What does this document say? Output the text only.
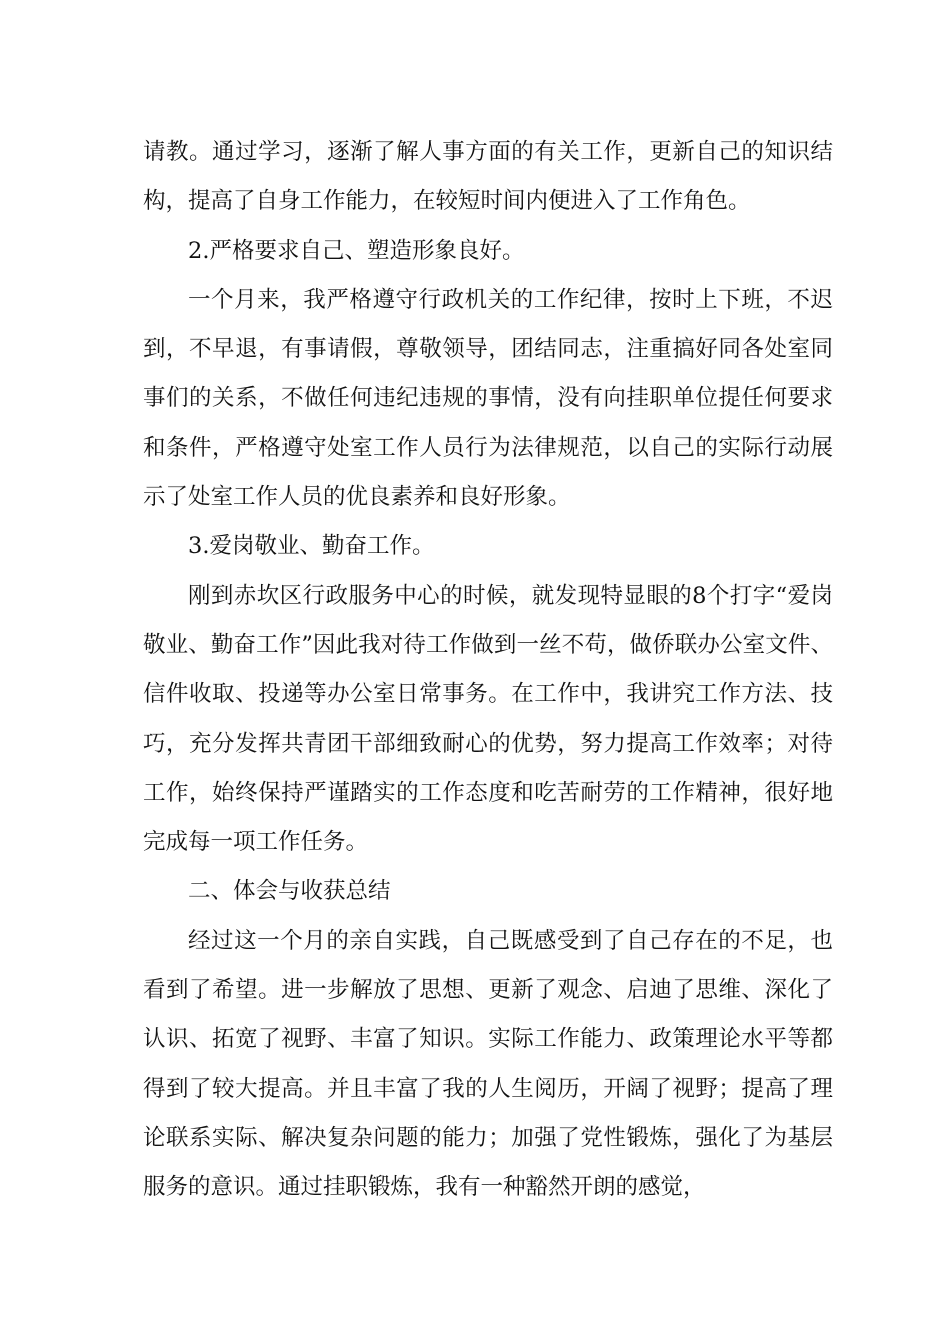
请教。通过学习，逐渐了解人事方面的有关工作，更新自己的知识结构，提高了自身工作能力，在较短时间内便进入了工作角色。

2.严格要求自己、塑造形象良好。

一个月来，我严格遵守行政机关的工作纪律，按时上下班，不迟到，不早退，有事请假，尊敬领导，团结同志，注重搞好同各处室同事们的关系，不做任何违纪违规的事情，没有向挂职单位提任何要求和条件，严格遵守处室工作人员行为法律规范，以自己的实际行动展示了处室工作人员的优良素养和良好形象。

3.爱岗敬业、勤奋工作。

刚到赤坎区行政服务中心的时候，就发现特显眼的8个打字“爱岗敬业、勤奋工作”因此我对待工作做到一丝不苟，做侨联办公室文件、信件收取、投递等办公室日常事务。在工作中，我讲究工作方法、技巧，充分发挥共青团干部细致耐心的优势，努力提高工作效率；对待工作，始终保持严谨踏实的工作态度和吃苦耐劳的工作精神，很好地完成每一项工作任务。

二、体会与收获总结

经过这一个月的亲自实践，自己既感受到了自己存在的不足，也看到了希望。进一步解放了思想、更新了观念、启迪了思维、深化了认识、拓宽了视野、丰富了知识。实际工作能力、政策理论水平等都得到了较大提高。并且丰富了我的人生阅历，开阔了视野；提高了理论联系实际、解决复杂问题的能力；加强了党性锻炼，强化了为基层服务的意识。通过挂职锻炼，我有一种豁然开朗的感觉，
